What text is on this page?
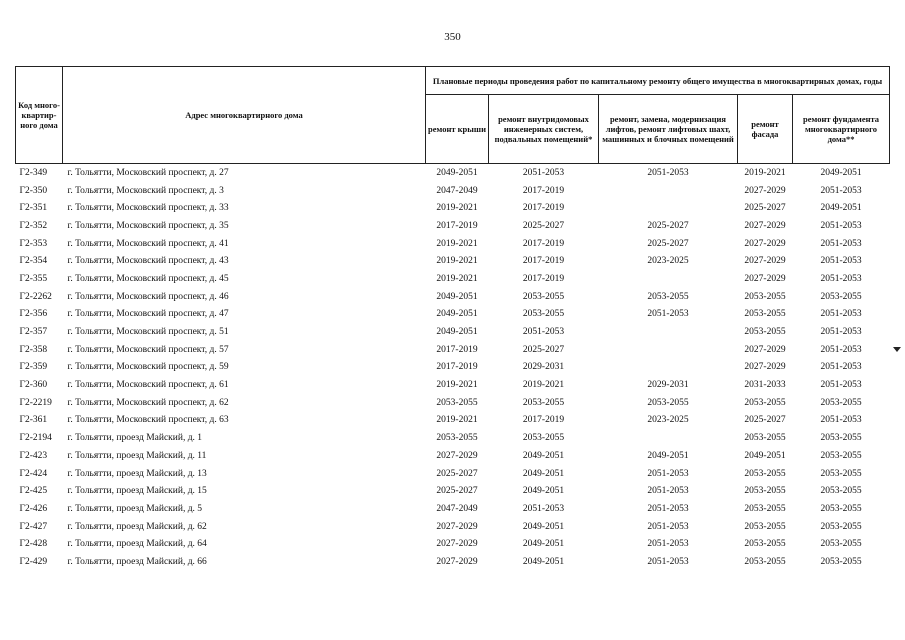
350
Код много-квартир-ного дома	Адрес многоквартирного дома	Плановые периоды проведения работ по капитальному ремонту общего имущества в многоквартирных домах, годы				
		ремонт крыши	ремонт внутридомовых инженерных систем, подвальных помещений*	ремонт, замена, модернизация лифтов, ремонт лифтовых шахт, машинных и блочных помещений	ремонт фасада	ремонт фундамента многоквартирного дома**
Г2-349	г. Тольятти, Московский проспект, д. 27	2049-2051	2051-2053	2051-2053	2019-2021	2049-2051
Г2-350	г. Тольятти, Московский проспект, д. 3	2047-2049	2017-2019		2027-2029	2051-2053
Г2-351	г. Тольятти, Московский проспект, д. 33	2019-2021	2017-2019		2025-2027	2049-2051
Г2-352	г. Тольятти, Московский проспект, д. 35	2017-2019	2025-2027	2025-2027	2027-2029	2051-2053
Г2-353	г. Тольятти, Московский проспект, д. 41	2019-2021	2017-2019	2025-2027	2027-2029	2051-2053
Г2-354	г. Тольятти, Московский проспект, д. 43	2019-2021	2017-2019	2023-2025	2027-2029	2051-2053
Г2-355	г. Тольятти, Московский проспект, д. 45	2019-2021	2017-2019		2027-2029	2051-2053
Г2-2262	г. Тольятти, Московский проспект, д. 46	2049-2051	2053-2055	2053-2055	2053-2055	2053-2055
Г2-356	г. Тольятти, Московский проспект, д. 47	2049-2051	2053-2055	2051-2053	2053-2055	2051-2053
Г2-357	г. Тольятти, Московский проспект, д. 51	2049-2051	2051-2053		2053-2055	2051-2053
Г2-358	г. Тольятти, Московский проспект, д. 57	2017-2019	2025-2027		2027-2029	2051-2053
Г2-359	г. Тольятти, Московский проспект, д. 59	2017-2019	2029-2031		2027-2029	2051-2053
Г2-360	г. Тольятти, Московский проспект, д. 61	2019-2021	2019-2021	2029-2031	2031-2033	2051-2053
Г2-2219	г. Тольятти, Московский проспект, д. 62	2053-2055	2053-2055	2053-2055	2053-2055	2053-2055
Г2-361	г. Тольятти, Московский проспект, д. 63	2019-2021	2017-2019	2023-2025	2025-2027	2051-2053
Г2-2194	г. Тольятти, проезд Майский, д. 1	2053-2055	2053-2055		2053-2055	2053-2055
Г2-423	г. Тольятти, проезд Майский, д. 11	2027-2029	2049-2051	2049-2051	2049-2051	2053-2055
Г2-424	г. Тольятти, проезд Майский, д. 13	2025-2027	2049-2051	2051-2053	2053-2055	2053-2055
Г2-425	г. Тольятти, проезд Майский, д. 15	2025-2027	2049-2051	2051-2053	2053-2055	2053-2055
Г2-426	г. Тольятти, проезд Майский, д. 5	2047-2049	2051-2053	2051-2053	2053-2055	2053-2055
Г2-427	г. Тольятти, проезд Майский, д. 62	2027-2029	2049-2051	2051-2053	2053-2055	2053-2055
Г2-428	г. Тольятти, проезд Майский, д. 64	2027-2029	2049-2051	2051-2053	2053-2055	2053-2055
Г2-429	г. Тольятти, проезд Майский, д. 66	2027-2029	2049-2051	2051-2053	2053-2055	2053-2055
